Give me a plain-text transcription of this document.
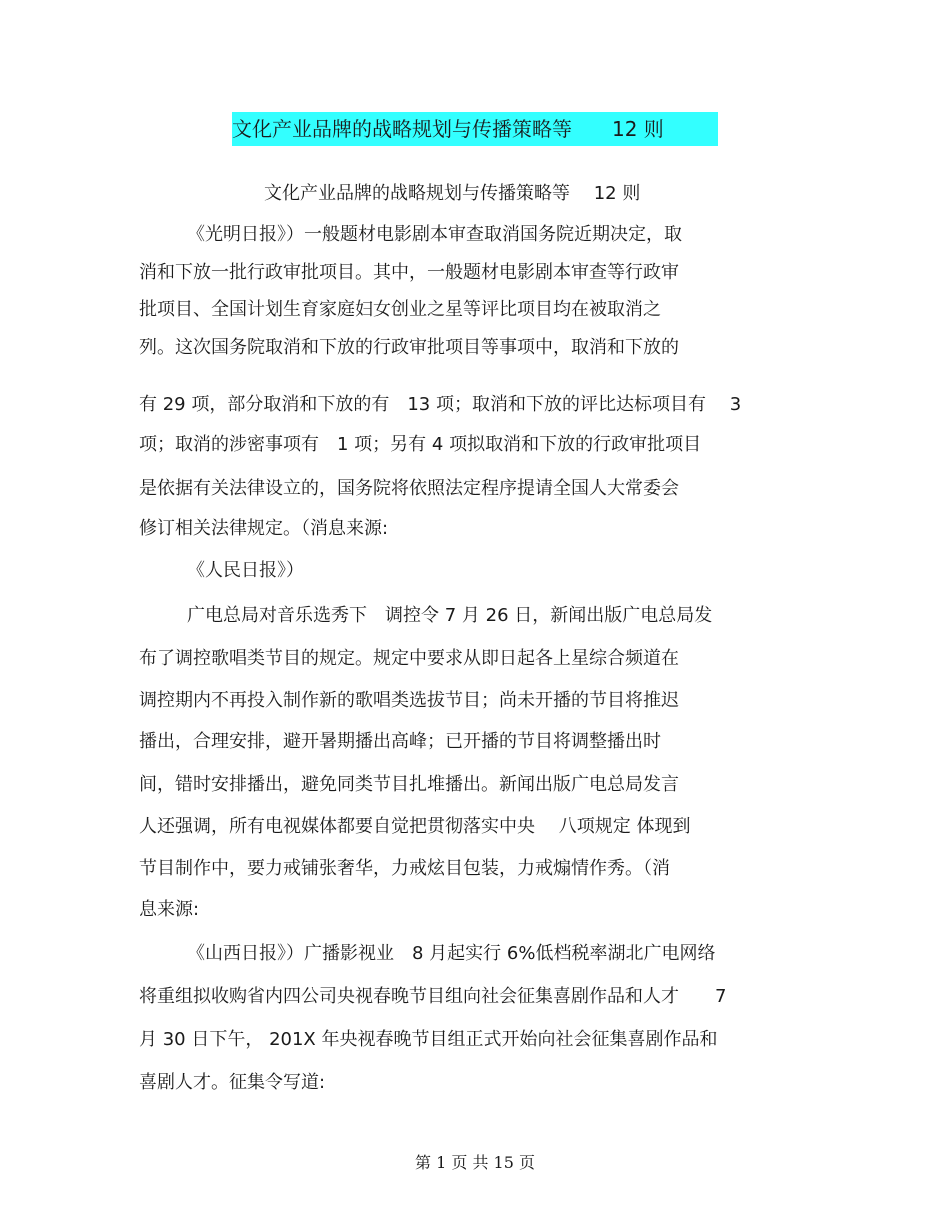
文化产业品牌的战略规划与传播策略等　　12 则
文化产业品牌的战略规划与传播策略等　 12 则
《光明日报》）一般题材电影剧本审查取消国务院近期决定，取
消和下放一批行政审批项目。其中，一般题材电影剧本审查等行政审
批项目、全国计划生育家庭妇女创业之星等评比项目均在被取消之
列。这次国务院取消和下放的行政审批项目等事项中，取消和下放的
有 29 项，部分取消和下放的有　13 项；取消和下放的评比达标项目有　 3
项；取消的涉密事项有　1 项；另有 4 项拟取消和下放的行政审批项目
是依据有关法律设立的，国务院将依照法定程序提请全国人大常委会
修订相关法律规定。（消息来源:
《人民日报》）
广电总局对音乐选秀下　调控令 7 月 26 日，新闻出版广电总局发
布了调控歌唱类节目的规定。规定中要求从即日起各上星综合频道在
调控期内不再投入制作新的歌唱类选拔节目；尚未开播的节目将推迟
播出，合理安排，避开暑期播出高峰；已开播的节目将调整播出时
间，错时安排播出，避免同类节目扎堆播出。新闻出版广电总局发言
人还强调，所有电视媒体都要自觉把贯彻落实中央　 八项规定 体现到
节目制作中，要力戒铺张奢华，力戒炫目包装，力戒煽情作秀。（消
息来源:
《山西日报》）广播影视业　8 月起实行 6%低档税率湖北广电网络
将重组拟收购省内四公司央视春晚节目组向社会征集喜剧作品和人才　　7
月 30 日下午， 201X 年央视春晚节目组正式开始向社会征集喜剧作品和
喜剧人才。征集令写道:
第 1 页 共 15 页
